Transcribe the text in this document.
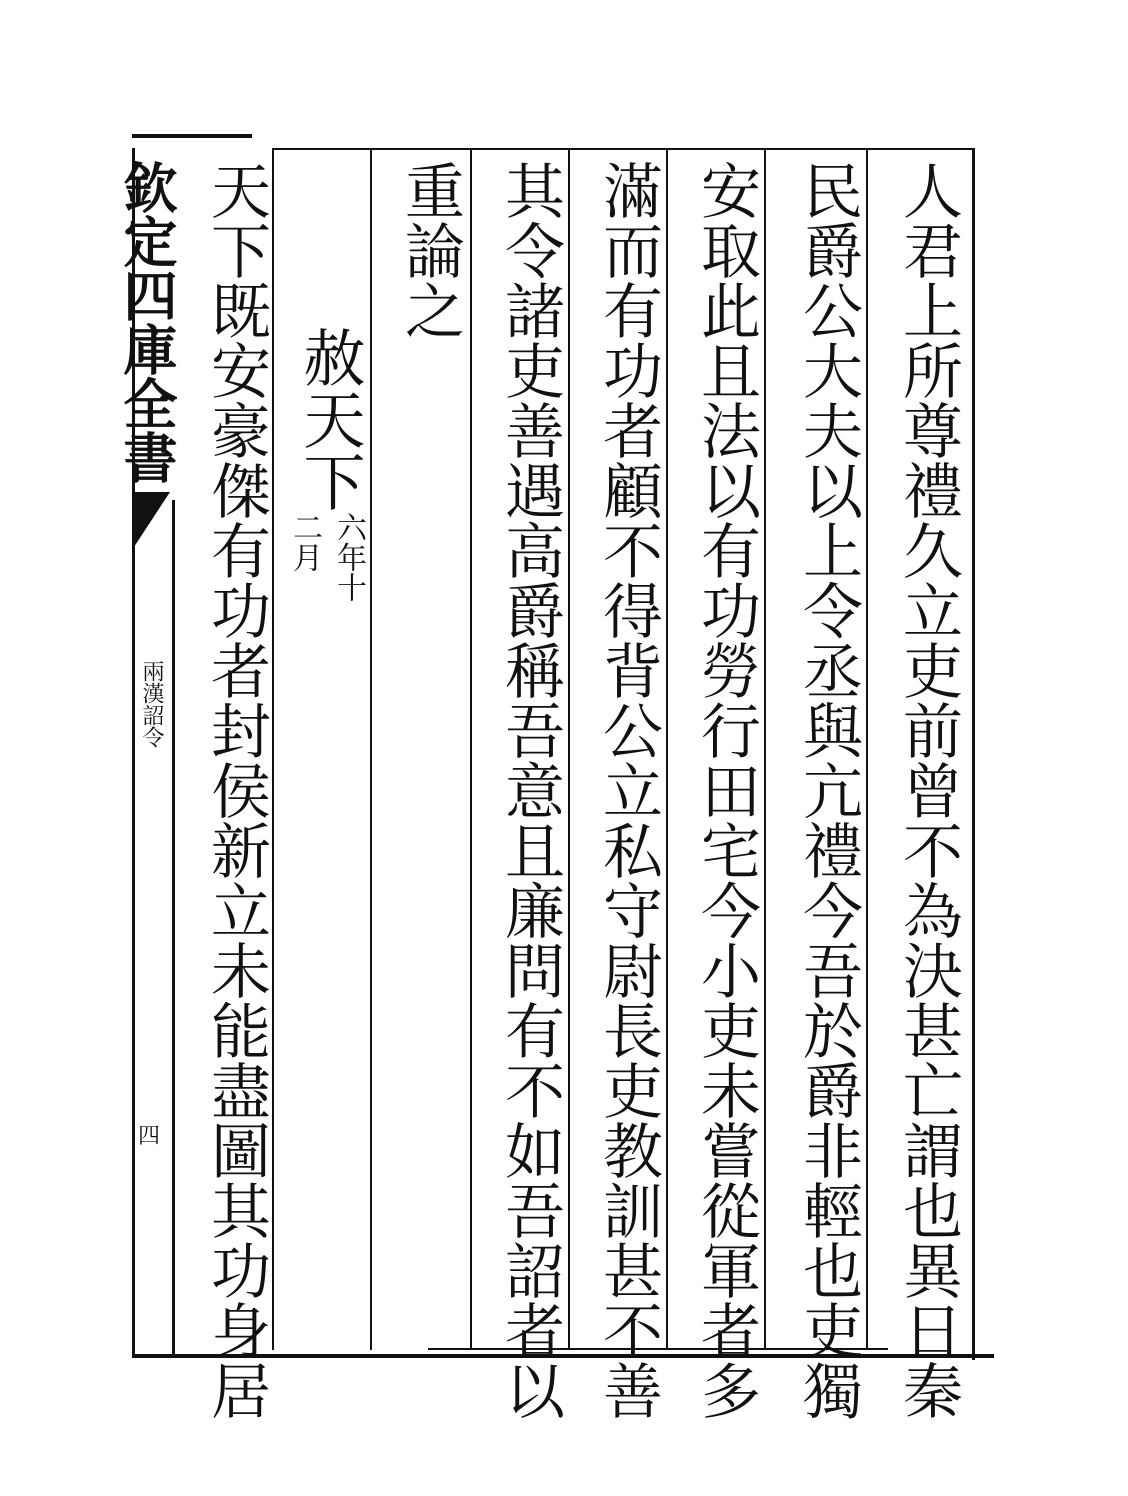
欽定四庫全書
兩漢詔令
四	人君上所尊禮久立吏前曾不為決甚亡謂也異日秦
民爵公大夫以上令丞與亢禮今吾於爵非輕也吏獨
安取此且法以有功勞行田宅今小吏未嘗從軍者多
滿而有功者顧不得背公立私守尉長吏教訓甚不善
其令諸吏善遇高爵稱吾意且廉問有不如吾詔者以
重論之
赦天下
六年十
二月
天下既安豪傑有功者封侯新立未能盡圖其功身居
